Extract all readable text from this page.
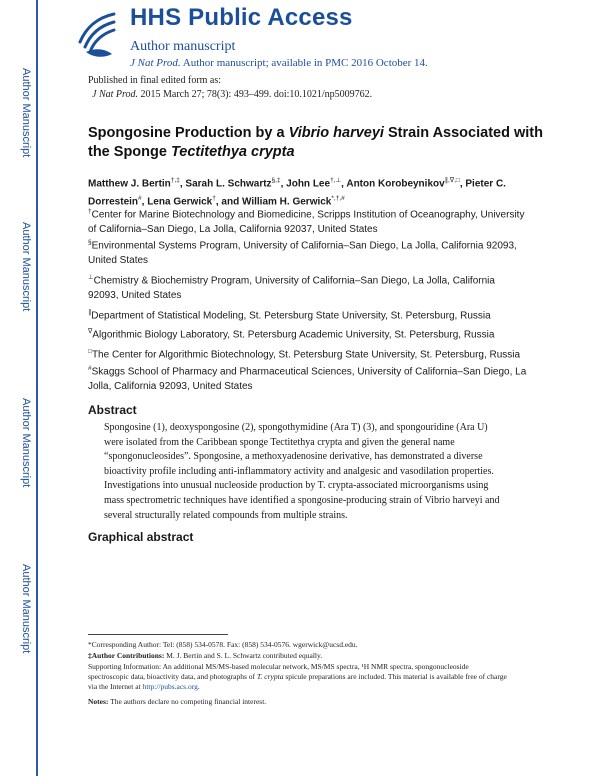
Author Manuscript
Author Manuscript
Author Manuscript
Author Manuscript
HHS Public Access
Author manuscript
J Nat Prod. Author manuscript; available in PMC 2016 October 14.
Published in final edited form as:
J Nat Prod. 2015 March 27; 78(3): 493–499. doi:10.1021/np5009762.
Spongosine Production by a Vibrio harveyi Strain Associated with the Sponge Tectitethya crypta
Matthew J. Bertin†,‡, Sarah L. Schwartz§,‡, John Lee†,⊥, Anton Korobeynikov∥,∇,□, Pieter C. Dorrestein#, Lena Gerwick†, and William H. Gerwick*,†,#
†Center for Marine Biotechnology and Biomedicine, Scripps Institution of Oceanography, University of California–San Diego, La Jolla, California 92037, United States
§Environmental Systems Program, University of California–San Diego, La Jolla, California 92093, United States
⊥Chemistry & Biochemistry Program, University of California–San Diego, La Jolla, California 92093, United States
∥Department of Statistical Modeling, St. Petersburg State University, St. Petersburg, Russia
∇Algorithmic Biology Laboratory, St. Petersburg Academic University, St. Petersburg, Russia
□The Center for Algorithmic Biotechnology, St. Petersburg State University, St. Petersburg, Russia
#Skaggs School of Pharmacy and Pharmaceutical Sciences, University of California–San Diego, La Jolla, California 92093, United States
Abstract
Spongosine (1), deoxyspongosine (2), spongothymidine (Ara T) (3), and spongouridine (Ara U) were isolated from the Caribbean sponge Tectitethya crypta and given the general name “spongonucleosides”. Spongosine, a methoxyadenosine derivative, has demonstrated a diverse bioactivity profile including anti-inflammatory activity and analgesic and vasodilation properties. Investigations into unusual nucleoside production by T. crypta-associated microorganisms using mass spectrometric techniques have identified a spongosine-producing strain of Vibrio harveyi and several structurally related compounds from multiple strains.
Graphical abstract
*Corresponding Author: Tel: (858) 534-0578. Fax: (858) 534-0576. wgerwick@ucsd.edu.
‡Author Contributions: M. J. Bertin and S. L. Schwartz contributed equally.
Supporting Information: An additional MS/MS-based molecular network, MS/MS spectra, ¹H NMR spectra, spongonucleoside spectroscopic data, bioactivity data, and photographs of T. crypta spicule preparations are included. This material is available free of charge via the Internet at http://pubs.acs.org.
Notes: The authors declare no competing financial interest.
